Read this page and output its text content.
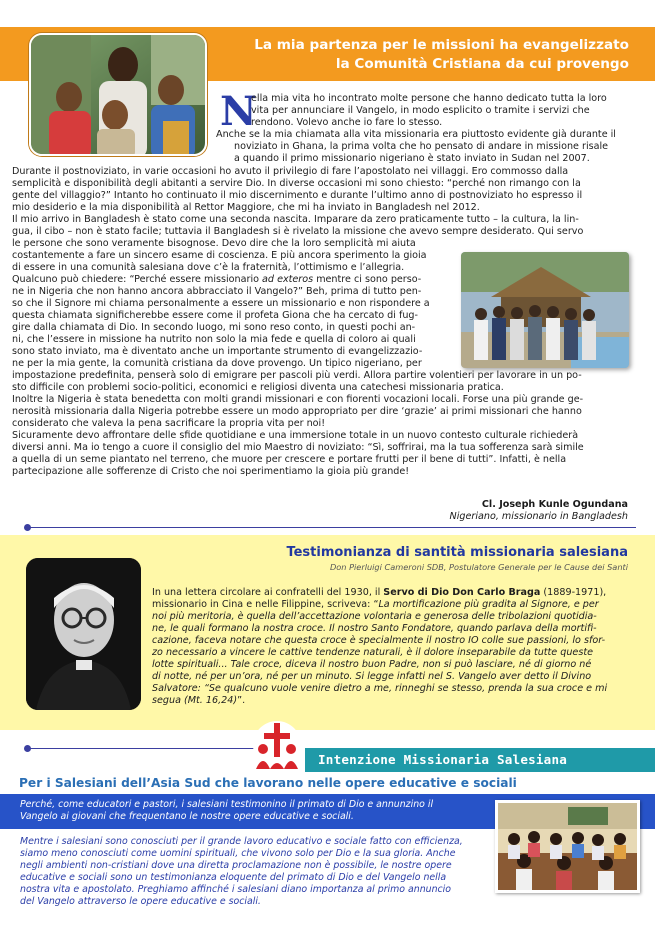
La mia partenza per le missioni ha evangelizzato
la Comunità Cristiana da cui provengo
N
ella mia vita ho incontrato molte persone che hanno dedicato tutta la loro
vita per annunciare il Vangelo, in modo esplicito o tramite i servizi che
rendono. Volevo anche io fare lo stesso.
Anche se la mia chiamata alla vita missionaria era piuttosto evidente già durante il
noviziato in Ghana, la prima volta che ho pensato di andare in missione risale
a quando il primo missionario nigeriano è stato inviato in Sudan nel 2007.
Durante il postnoviziato, in varie occasioni ho avuto il privilegio di fare l’apostolato nei villaggi. Ero commosso dalla
semplicità e disponibilità degli abitanti a servire Dio. In diverse occasioni mi sono chiesto: “perché non rimango con la
gente del villaggio?” Intanto ho continuato il mio discernimento e durante l’ultimo anno di postnoviziato ho espresso il
mio desiderio e la mia disponibilità al Rettor Maggiore, che mi ha inviato in Bangladesh nel 2012.
Il mio arrivo in Bangladesh è stato come una seconda nascita. Imparare da zero praticamente tutto – la cultura, la lin-
gua, il cibo – non è stato facile; tuttavia il Bangladesh si è rivelato la missione che avevo sempre desiderato. Qui servo
le persone che sono veramente bisognose. Devo dire che la loro semplicità mi aiuta
costantemente a fare un sincero esame di coscienza. E più ancora sperimento la gioia
di essere in una comunità salesiana dove c’è la fraternità, l’ottimismo e l’allegria.
Qualcuno può chiedere: “Perché essere missionario ad exteros mentre ci sono perso-
ne in Nigeria che non hanno ancora abbracciato il Vangelo?” Beh, prima di tutto pen-
so che il Signore mi chiama personalmente a essere un missionario e non rispondere a
questa chiamata significherebbe essere come il profeta Giona che ha cercato di fug-
gire dalla chiamata di Dio. In secondo luogo, mi sono reso conto, in questi pochi an-
ni, che l’essere in missione ha nutrito non solo la mia fede e quella di coloro ai quali
sono stato inviato, ma è diventato anche un importante strumento di evangelizzazio-
ne per la mia gente, la comunità cristiana da dove provengo. Un tipico nigeriano, per
impostazione predefinita, penserà solo di emigrare per pascoli più verdi. Allora partire volentieri per lavorare in un po-
sto difficile con problemi socio-politici, economici e religiosi diventa una catechesi missionaria pratica.
Inoltre la Nigeria è stata benedetta con molti grandi missionari e con fiorenti vocazioni locali. Forse una più grande ge-
nerosità missionaria dalla Nigeria potrebbe essere un modo appropriato per dire ‘grazie’ ai primi missionari che hanno
considerato che valeva la pena sacrificare la propria vita per noi!
Sicuramente devo affrontare delle sfide quotidiane e una immersione totale in un nuovo contesto culturale richiederà
diversi anni. Ma io tengo a cuore il consiglio del mio Maestro di noviziato: “Sì, soffrirai, ma la tua sofferenza sarà simile
a quella di un seme piantato nel terreno, che muore per crescere e portare frutti per il bene di tutti”. Infatti, è nella
partecipazione alle sofferenze di Cristo che noi sperimentiamo la gioia più grande!
Cl. Joseph Kunle Ogundana
Nigeriano, missionario in Bangladesh
Testimonianza di santità missionaria salesiana
Don Pierluigi Cameroni SDB, Postulatore Generale per le Cause dei Santi
In una lettera circolare ai confratelli del 1930, il Servo di Dio Don Carlo Braga (1889-1971),
missionario in Cina e nelle Filippine, scriveva: “La mortificazione più gradita al Signore, e per
noi più meritoria, è quella dell’accettazione volontaria e generosa delle tribolazioni quotidia-
ne, le quali formano la nostra croce. Il nostro Santo Fondatore, quando parlava della mortifi-
cazione, faceva notare che questa croce è specialmente il nostro IO colle sue passioni, lo sfor-
zo necessario a vincere le cattive tendenze naturali, è il dolore inseparabile da tutte queste
lotte spirituali... Tale croce, diceva il nostro buon Padre, non si può lasciare, né di giorno né
di notte, né per un’ora, né per un minuto. Si legge infatti nel S. Vangelo aver detto il Divino
Salvatore: “Se qualcuno vuole venire dietro a me, rinneghi se stesso, prenda la sua croce e mi
segua (Mt. 16,24)”.
Intenzione Missionaria Salesiana
Per i Salesiani dell’Asia Sud che lavorano nelle opere educative e sociali
Perché, come educatori e pastori, i salesiani testimonino il primato di Dio e annunzino il
Vangelo ai giovani che frequentano le nostre opere educative e sociali.
Mentre i salesiani sono conosciuti per il grande lavoro educativo e sociale fatto con efficienza,
siamo meno conosciuti come uomini spirituali, che vivono solo per Dio e la sua gloria. Anche
negli ambienti non-cristiani dove una diretta proclamazione non è possibile, le nostre opere
educative e sociali sono un testimonianza eloquente del primato di Dio e del Vangelo nella
nostra vita e apostolato. Preghiamo affinché i salesiani diano importanza al primo annuncio
del Vangelo attraverso le opere educative e sociali.
